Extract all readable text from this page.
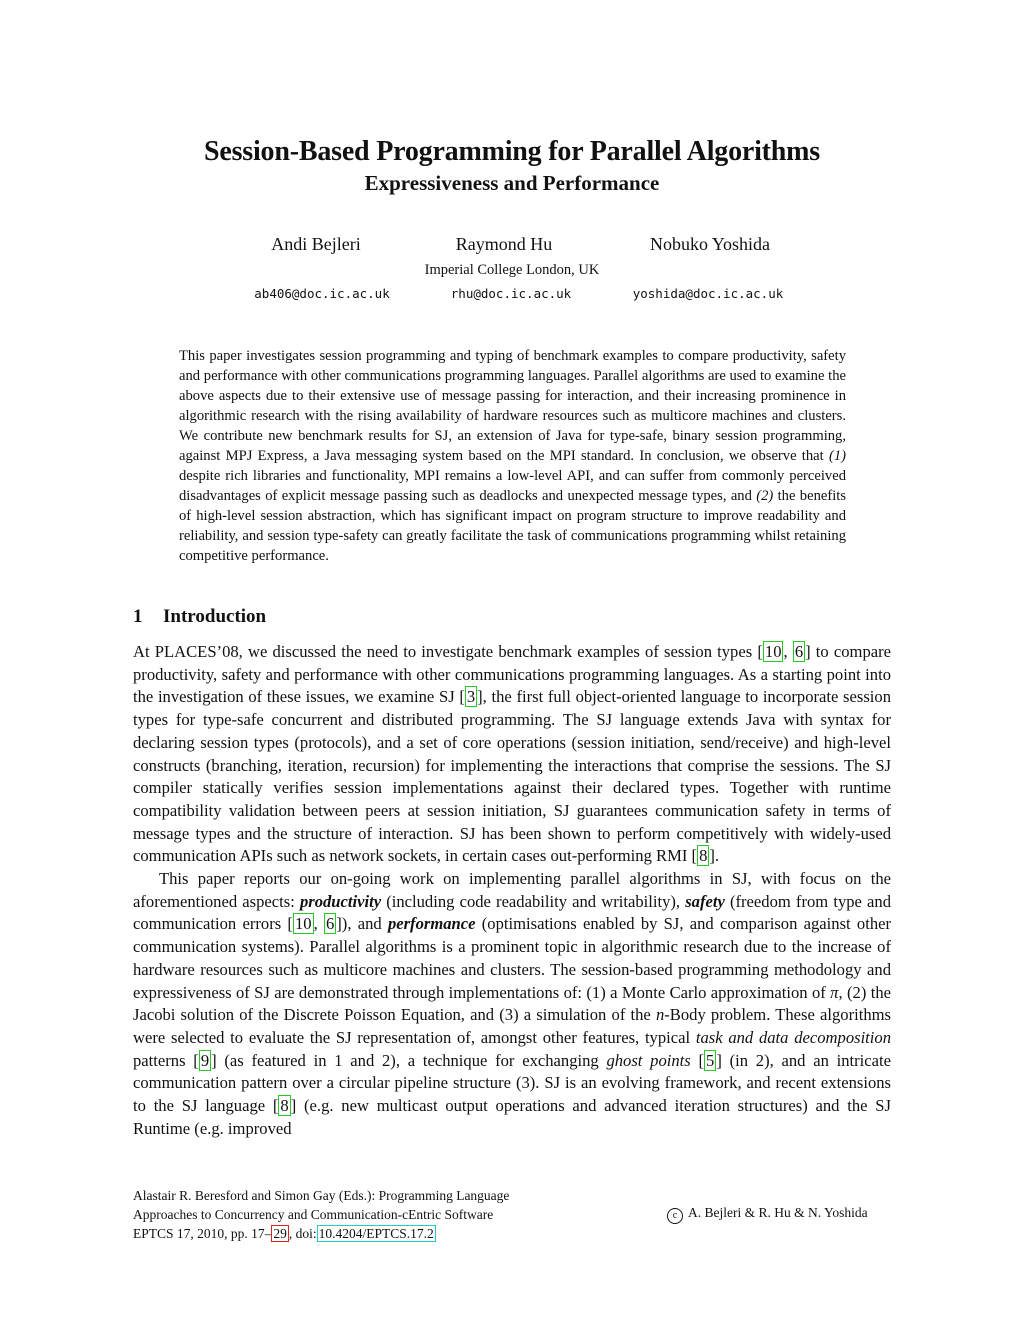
Session-Based Programming for Parallel Algorithms
Expressiveness and Performance
Andi Bejleri	Raymond Hu	Nobuko Yoshida
Imperial College London, UK
ab406@doc.ic.ac.uk	rhu@doc.ic.ac.uk	yoshida@doc.ic.ac.uk
This paper investigates session programming and typing of benchmark examples to compare productivity, safety and performance with other communications programming languages. Parallel algorithms are used to examine the above aspects due to their extensive use of message passing for interaction, and their increasing prominence in algorithmic research with the rising availability of hardware resources such as multicore machines and clusters. We contribute new benchmark results for SJ, an extension of Java for type-safe, binary session programming, against MPJ Express, a Java messaging system based on the MPI standard. In conclusion, we observe that (1) despite rich libraries and functionality, MPI remains a low-level API, and can suffer from commonly perceived disadvantages of explicit message passing such as deadlocks and unexpected message types, and (2) the benefits of high-level session abstraction, which has significant impact on program structure to improve readability and reliability, and session type-safety can greatly facilitate the task of communications programming whilst retaining competitive performance.
1 Introduction

At PLACES’08, we discussed the need to investigate benchmark examples of session types [ 10 , 6 ] to compare productivity, safety and performance with other communications programming languages. As a starting point into the investigation of these issues, we examine SJ [ 3 ], the first full object-oriented language to incorporate session types for type-safe concurrent and distributed programming. The SJ language extends Java with syntax for declaring session types (protocols), and a set of core operations (session initiation, send/receive) and high-level constructs (branching, iteration, recursion) for implementing the interactions that comprise the sessions. The SJ compiler statically verifies session implementations against their declared types. Together with runtime compatibility validation between peers at session initiation, SJ guarantees communication safety in terms of message types and the structure of interaction. SJ has been shown to perform competitively with widely-used communication APIs such as network sockets, in certain cases out-performing RMI [ 8 ].

This paper reports our on-going work on implementing parallel algorithms in SJ, with focus on the aforementioned aspects: productivity (including code readability and writability), safety (freedom from type and communication errors [ 10 , 6 ]), and performance (optimisations enabled by SJ, and comparison against other communication systems). Parallel algorithms is a prominent topic in algorithmic research due to the increase of hardware resources such as multicore machines and clusters. The session-based programming methodology and expressiveness of SJ are demonstrated through implementations of: (1) a Monte Carlo approximation of π, (2) the Jacobi solution of the Discrete Poisson Equation, and (3) a simulation of the n-Body problem. These algorithms were selected to evaluate the SJ representation of, amongst other features, typical task and data decomposition patterns [ 9 ] (as featured in 1 and 2), a technique for exchanging ghost points [ 5 ] (in 2), and an intricate communication pattern over a circular pipeline structure (3). SJ is an evolving framework, and recent extensions to the SJ language [ 8 ] (e.g. new multicast output operations and advanced iteration structures) and the SJ Runtime (e.g. improved

Alastair R. Beresford and Simon Gay (Eds.): Programming Language
Approaches to Concurrency and Communication-cEntric Software
EPTCS 17, 2010, pp. 17– 29 , doi: 10.4204/EPTCS.17.2
c A. Bejleri & R. Hu & N. Yoshida
